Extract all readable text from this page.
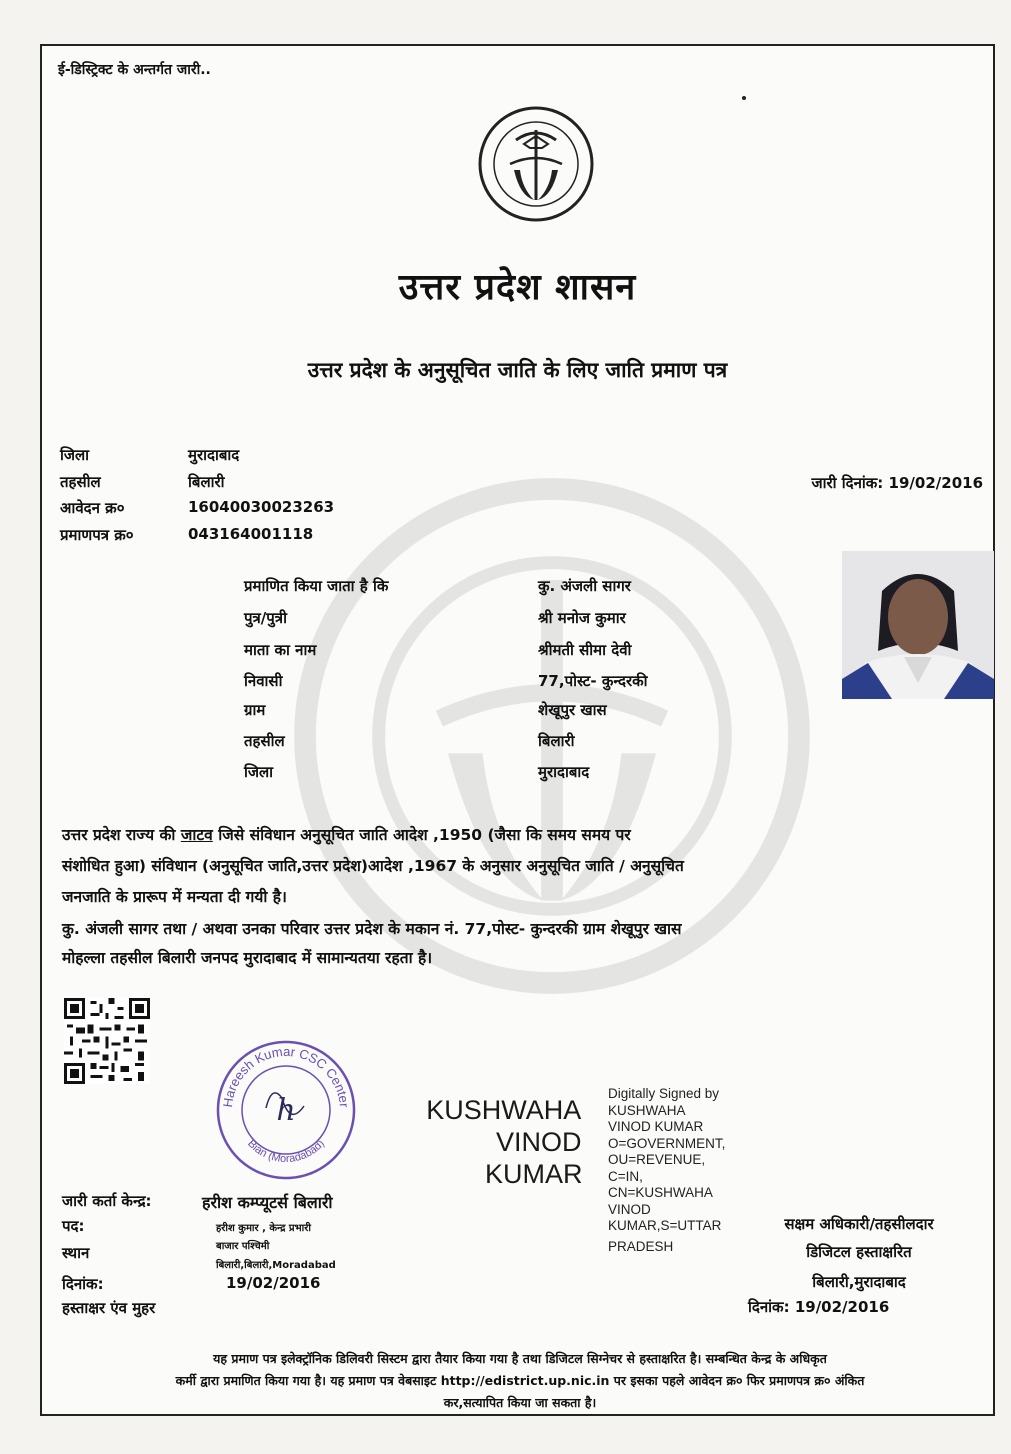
ई-डिस्ट्रिक्ट के अन्तर्गत जारी..
उत्तर प्रदेश शासन
उत्तर प्रदेश के अनुसूचित जाति के लिए जाति प्रमाण पत्र
जिला	मुरादाबाद
तहसील	बिलारी
आवेदन क्र०	16040030023263
प्रमाणपत्र क्र०	043164001118
जारी दिनांक: 19/02/2016
प्रमाणित किया जाता है कि	कु. अंजली सागर
पुत्र/पुत्री	श्री मनोज कुमार
माता का नाम	श्रीमती सीमा देवी
निवासी	77,पोस्ट- कुन्दरकी
ग्राम	शेखूपुर खास
तहसील	बिलारी
जिला	मुरादाबाद
उत्तर प्रदेश राज्य की जाटव जिसे संविधान अनुसूचित जाति आदेश ,1950 (जैसा कि समय समय पर
संशोधित हुआ) संविधान (अनुसूचित जाति,उत्तर प्रदेश)आदेश ,1967 के अनुसार अनुसूचित जाति / अनुसूचित
जनजाति के प्रारूप में मन्यता दी गयी है।
कु. अंजली सागर तथा / अथवा उनका परिवार उत्तर प्रदेश के मकान नं. 77,पोस्ट- कुन्दरकी ग्राम शेखूपुर खास
मोहल्ला तहसील बिलारी जनपद मुरादाबाद में सामान्यतया रहता है।
Hareesh Kumar CSC Center
Bian (Moradabad)
h	KUSHWAHA
VINOD
KUMAR
Digitally Signed by
KUSHWAHA
VINOD KUMAR
O=GOVERNMENT,
OU=REVENUE,
C=IN,
CN=KUSHWAHA
VINOD
KUMAR,S=UTTAR
PRADESH
जारी कर्ता केन्द्र:	हरीश कम्प्यूटर्स बिलारी
पद:	हरीश कुमार , केन्द्र प्रभारी
स्थान	बाजार पश्चिमी
बिलारी,बिलारी,Moradabad
दिनांक:	19/02/2016
हस्ताक्षर एंव मुहर
सक्षम अधिकारी/तहसीलदार
डिजिटल हस्ताक्षरित
बिलारी,मुरादाबाद
दिनांक: 19/02/2016
यह प्रमाण पत्र इलेक्ट्रॉनिक डिलिवरी सिस्टम द्वारा तैयार किया गया है तथा डिजिटल सिग्नेचर से हस्ताक्षरित है। सम्बन्धित केन्द्र के अधिकृत
कर्मी द्वारा प्रमाणित किया गया है। यह प्रमाण पत्र वेबसाइट http://edistrict.up.nic.in पर इसका पहले आवेदन क्र० फिर प्रमाणपत्र क्र० अंकित
कर,सत्यापित किया जा सकता है।
